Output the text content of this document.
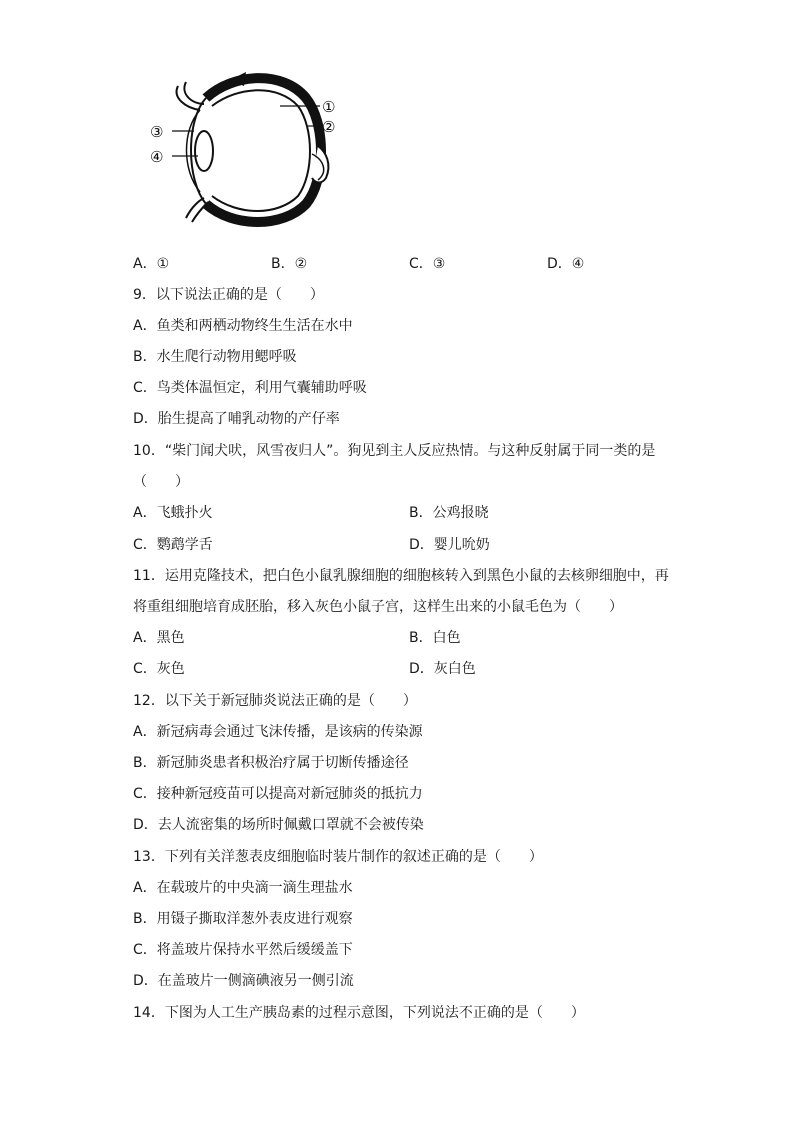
①
②
③
④
A．①	B．②	C．③	D．④
9．以下说法正确的是（　　）
A．鱼类和两栖动物终生生活在水中
B．水生爬行动物用鳃呼吸
C．鸟类体温恒定，利用气囊辅助呼吸
D．胎生提高了哺乳动物的产仔率
10．“柴门闻犬吠，风雪夜归人”。狗见到主人反应热情。与这种反射属于同一类的是
（　　）
A．飞蛾扑火	B．公鸡报晓
C．鹦鹉学舌	D．婴儿吮奶
11．运用克隆技术，把白色小鼠乳腺细胞的细胞核转入到黑色小鼠的去核卵细胞中，再
将重组细胞培育成胚胎，移入灰色小鼠子宫，这样生出来的小鼠毛色为（　　）
A．黑色	B．白色
C．灰色	D．灰白色
12．以下关于新冠肺炎说法正确的是（　　）
A．新冠病毒会通过飞沫传播，是该病的传染源
B．新冠肺炎患者积极治疗属于切断传播途径
C．接种新冠疫苗可以提高对新冠肺炎的抵抗力
D．去人流密集的场所时佩戴口罩就不会被传染
13．下列有关洋葱表皮细胞临时装片制作的叙述正确的是（　　）
A．在载玻片的中央滴一滴生理盐水
B．用镊子撕取洋葱外表皮进行观察
C．将盖玻片保持水平然后缓缓盖下
D．在盖玻片一侧滴碘液另一侧引流
14．下图为人工生产胰岛素的过程示意图，下列说法不正确的是（　　）
